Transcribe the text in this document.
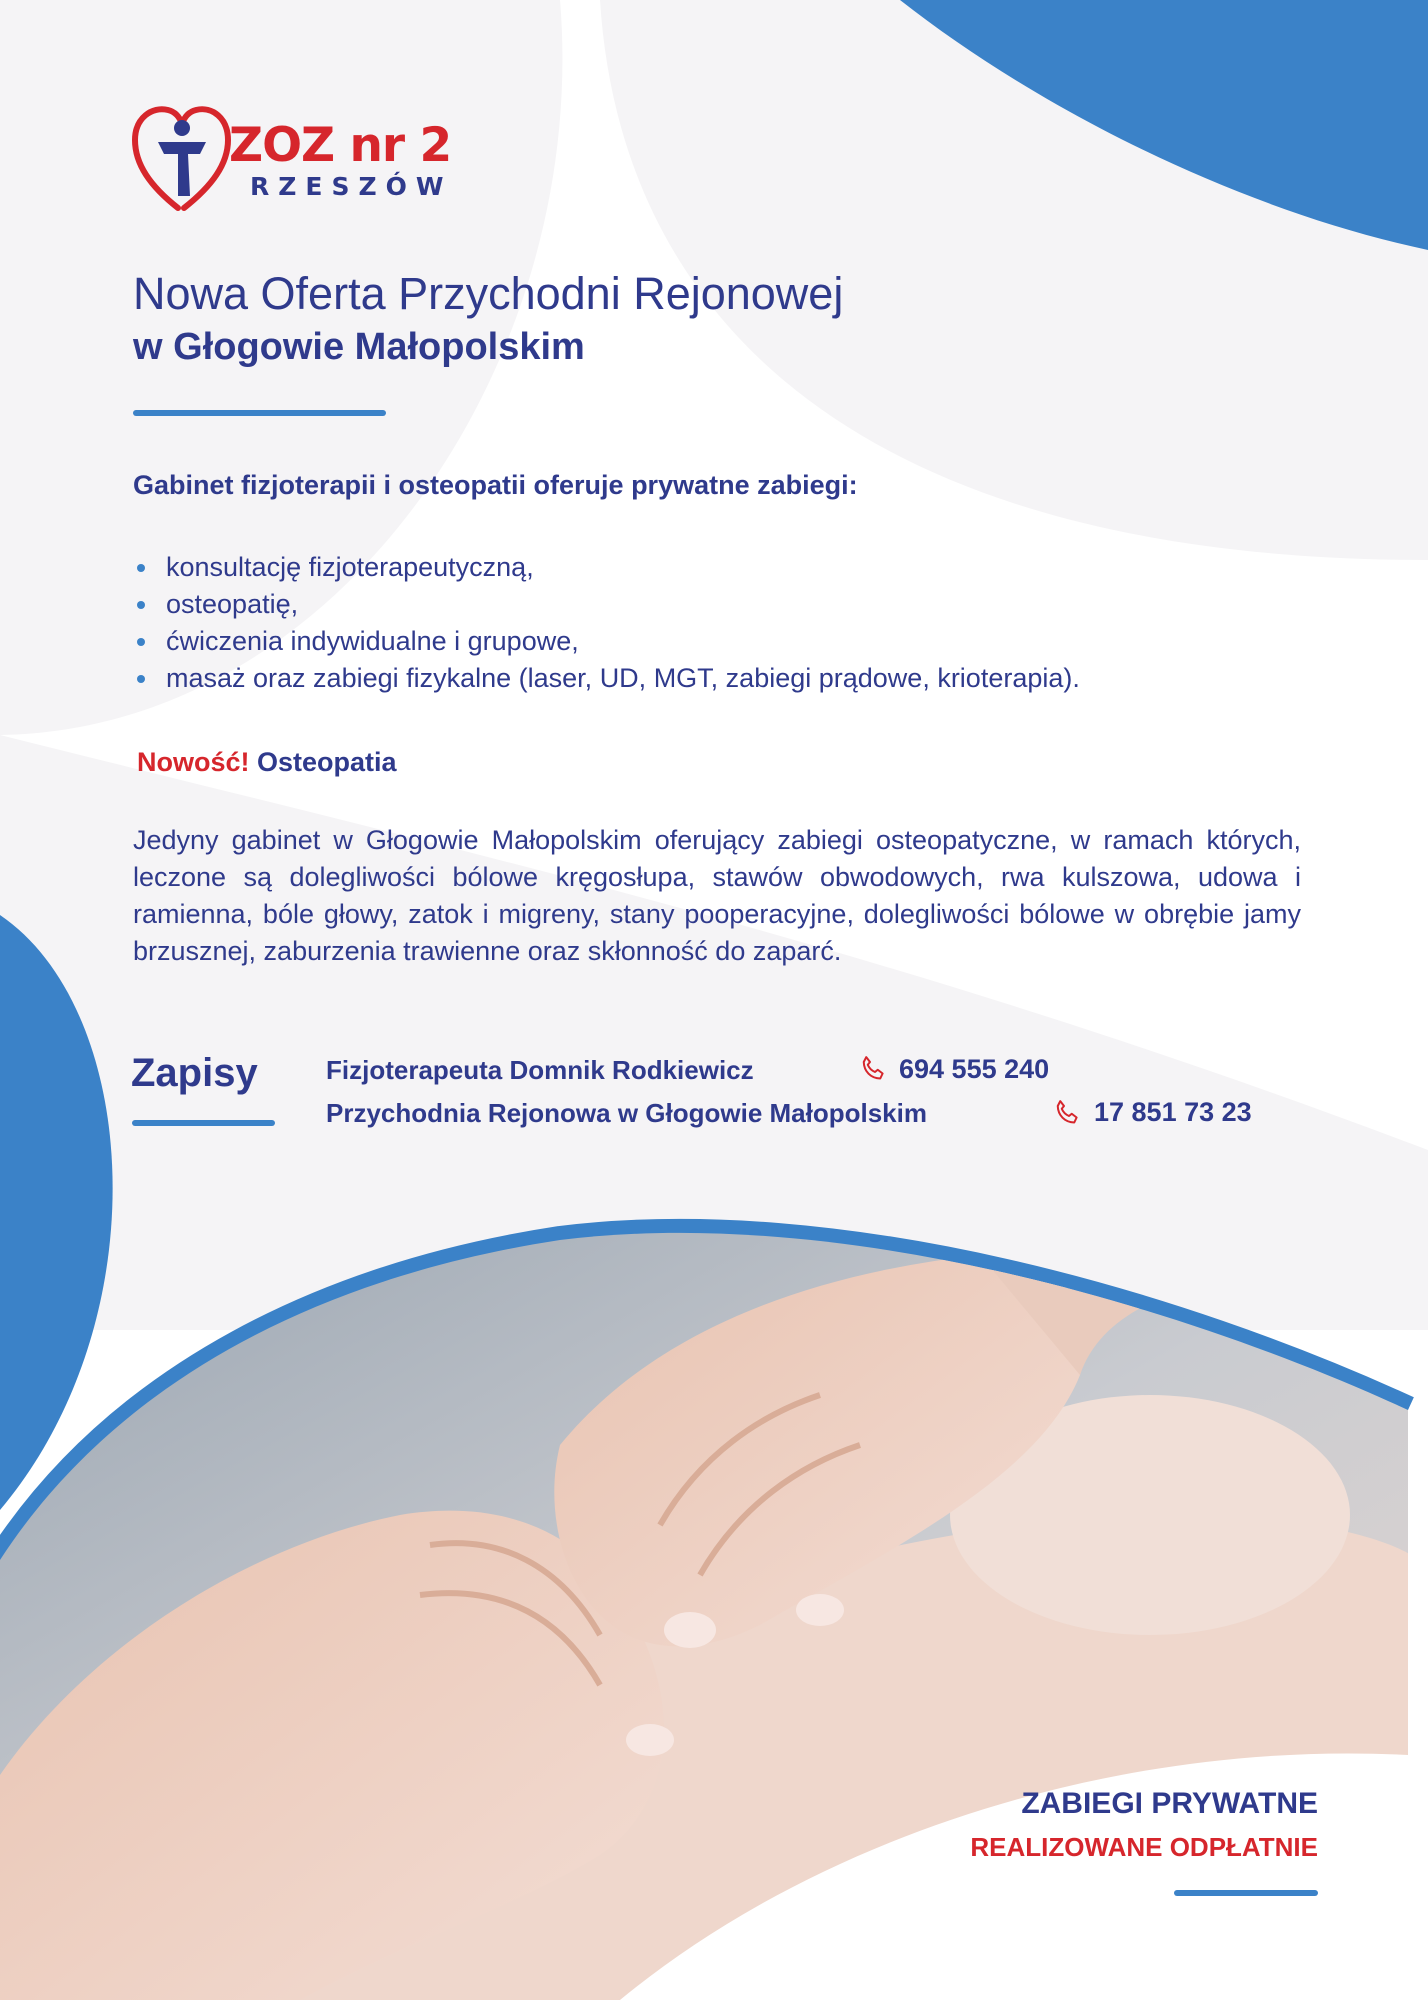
ZOZ nr 2
RZESZÓW
Nowa Oferta Przychodni Rejonowej
w Głogowie Małopolskim
Gabinet fizjoterapii i osteopatii oferuje prywatne zabiegi:
konsultację fizjoterapeutyczną,
osteopatię,
ćwiczenia indywidualne i grupowe,
masaż oraz zabiegi fizykalne (laser, UD, MGT, zabiegi prądowe, krioterapia).
Nowość! Osteopatia
Jedyny gabinet w Głogowie Małopolskim oferujący zabiegi osteopatyczne, w ramach których, leczone są dolegliwości bólowe kręgosłupa, stawów obwodowych, rwa kulszowa, udowa i ramienna, bóle głowy, zatok i migreny, stany pooperacyjne, dolegliwości bólowe w obrębie jamy brzusznej, zaburzenia trawienne oraz skłonność do zaparć.
Zapisy	Fizjoterapeuta Domnik Rodkiewicz	694 555 240
Przychodnia Rejonowa w Głogowie Małopolskim	17 851 73 23
ZABIEGI PRYWATNE
REALIZOWANE ODPŁATNIE
